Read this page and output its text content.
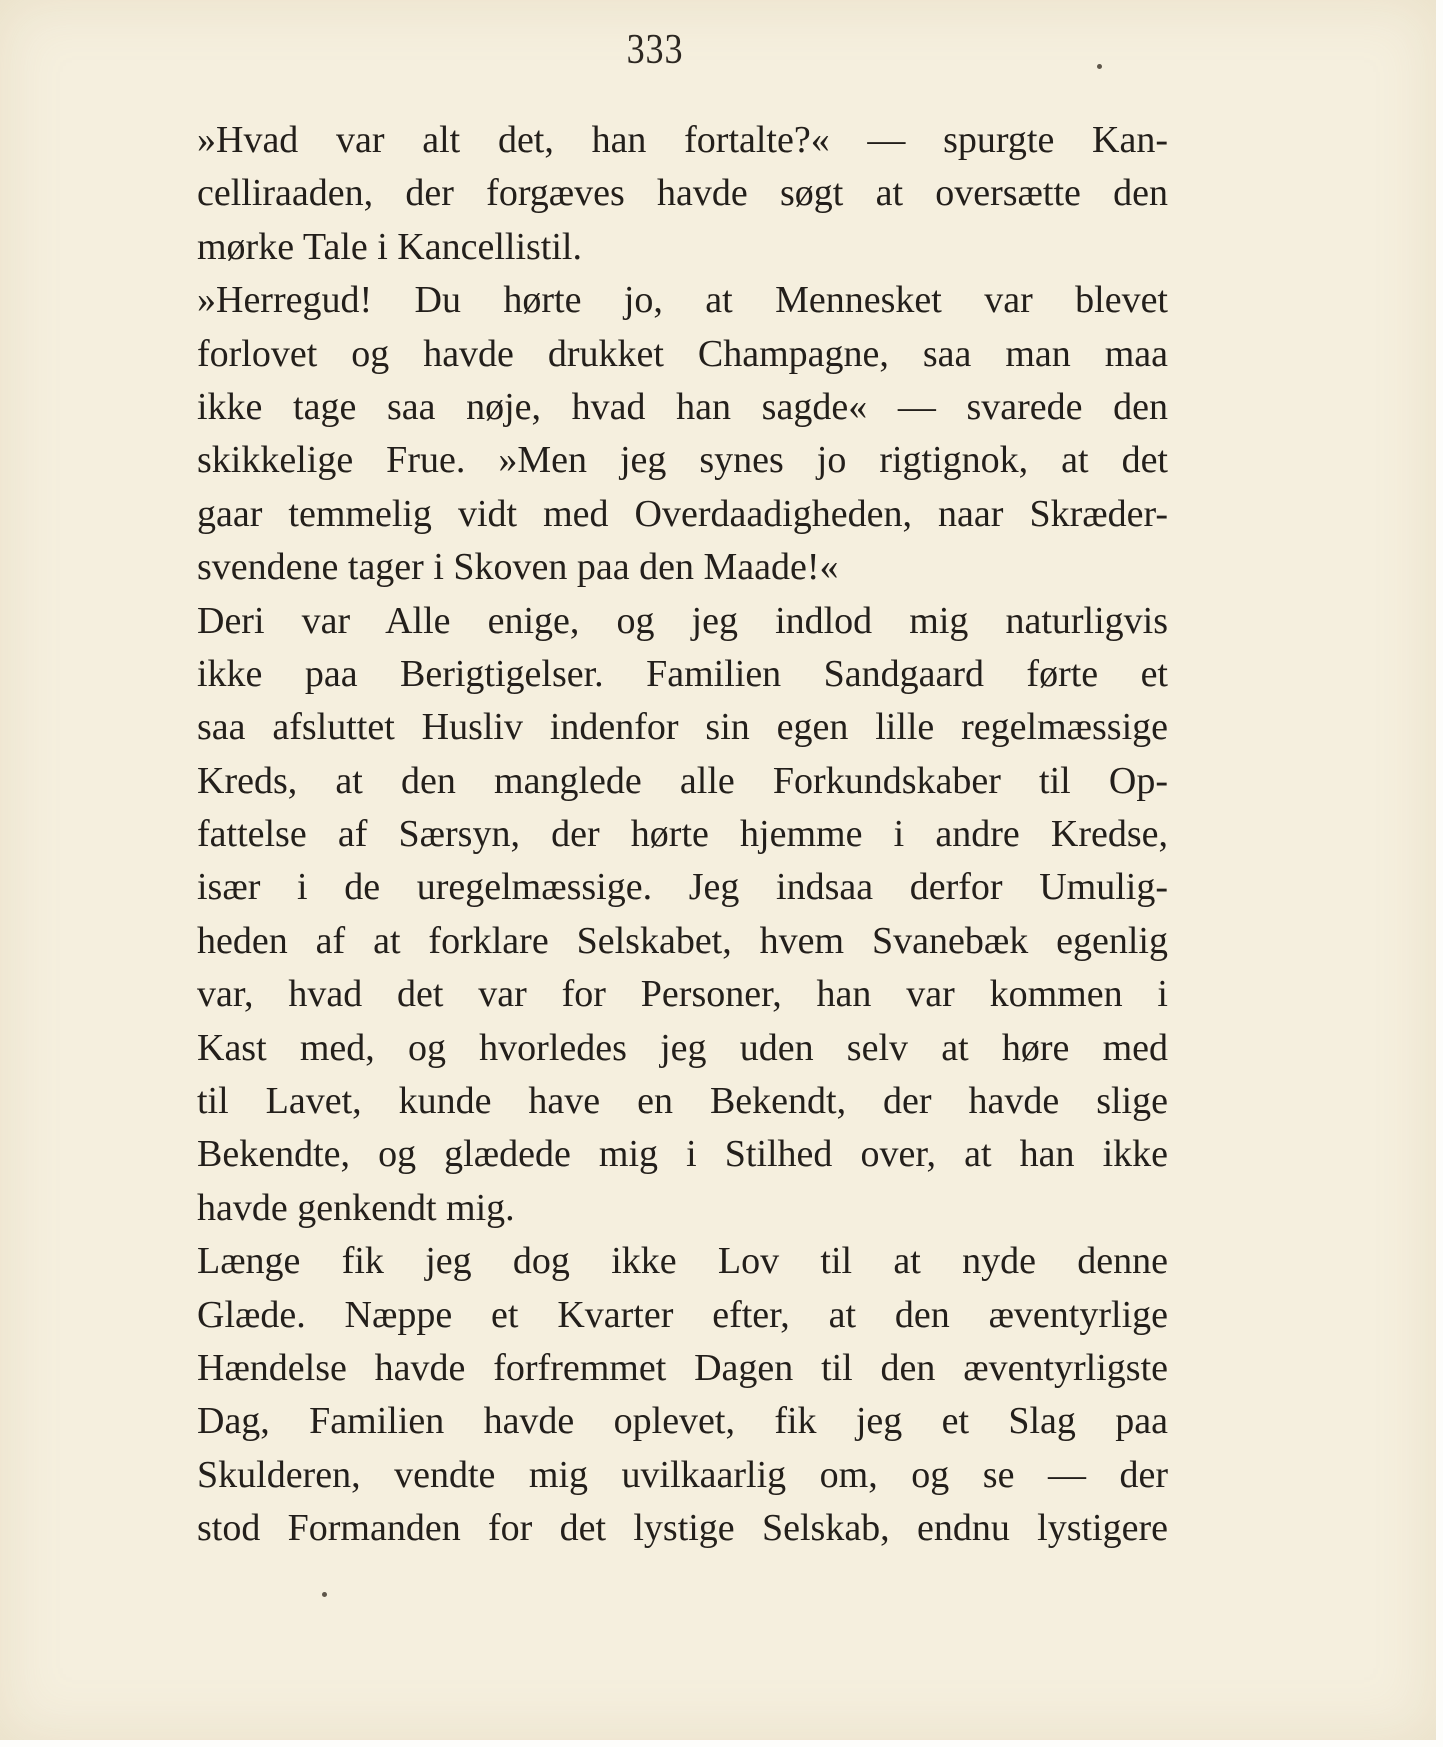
333
»Hvad var alt det, han fortalte?« — spurgte Kan-
celliraaden, der forgæves havde søgt at oversætte den
mørke Tale i Kancellistil.
»Herregud! Du hørte jo, at Mennesket var blevet
forlovet og havde drukket Champagne, saa man maa
ikke tage saa nøje, hvad han sagde« — svarede den
skikkelige Frue. »Men jeg synes jo rigtignok, at det
gaar temmelig vidt med Overdaadigheden, naar Skræder-
svendene tager i Skoven paa den Maade!«
Deri var Alle enige, og jeg indlod mig naturligvis
ikke paa Berigtigelser. Familien Sandgaard førte et
saa afsluttet Husliv indenfor sin egen lille regelmæssige
Kreds, at den manglede alle Forkundskaber til Op-
fattelse af Særsyn, der hørte hjemme i andre Kredse,
især i de uregelmæssige. Jeg indsaa derfor Umulig-
heden af at forklare Selskabet, hvem Svanebæk egenlig
var, hvad det var for Personer, han var kommen i
Kast med, og hvorledes jeg uden selv at høre med
til Lavet, kunde have en Bekendt, der havde slige
Bekendte, og glædede mig i Stilhed over, at han ikke
havde genkendt mig.
Længe fik jeg dog ikke Lov til at nyde denne
Glæde. Næppe et Kvarter efter, at den æventyrlige
Hændelse havde forfremmet Dagen til den æventyrligste
Dag, Familien havde oplevet, fik jeg et Slag paa
Skulderen, vendte mig uvilkaarlig om, og se — der
stod Formanden for det lystige Selskab, endnu lystigere
